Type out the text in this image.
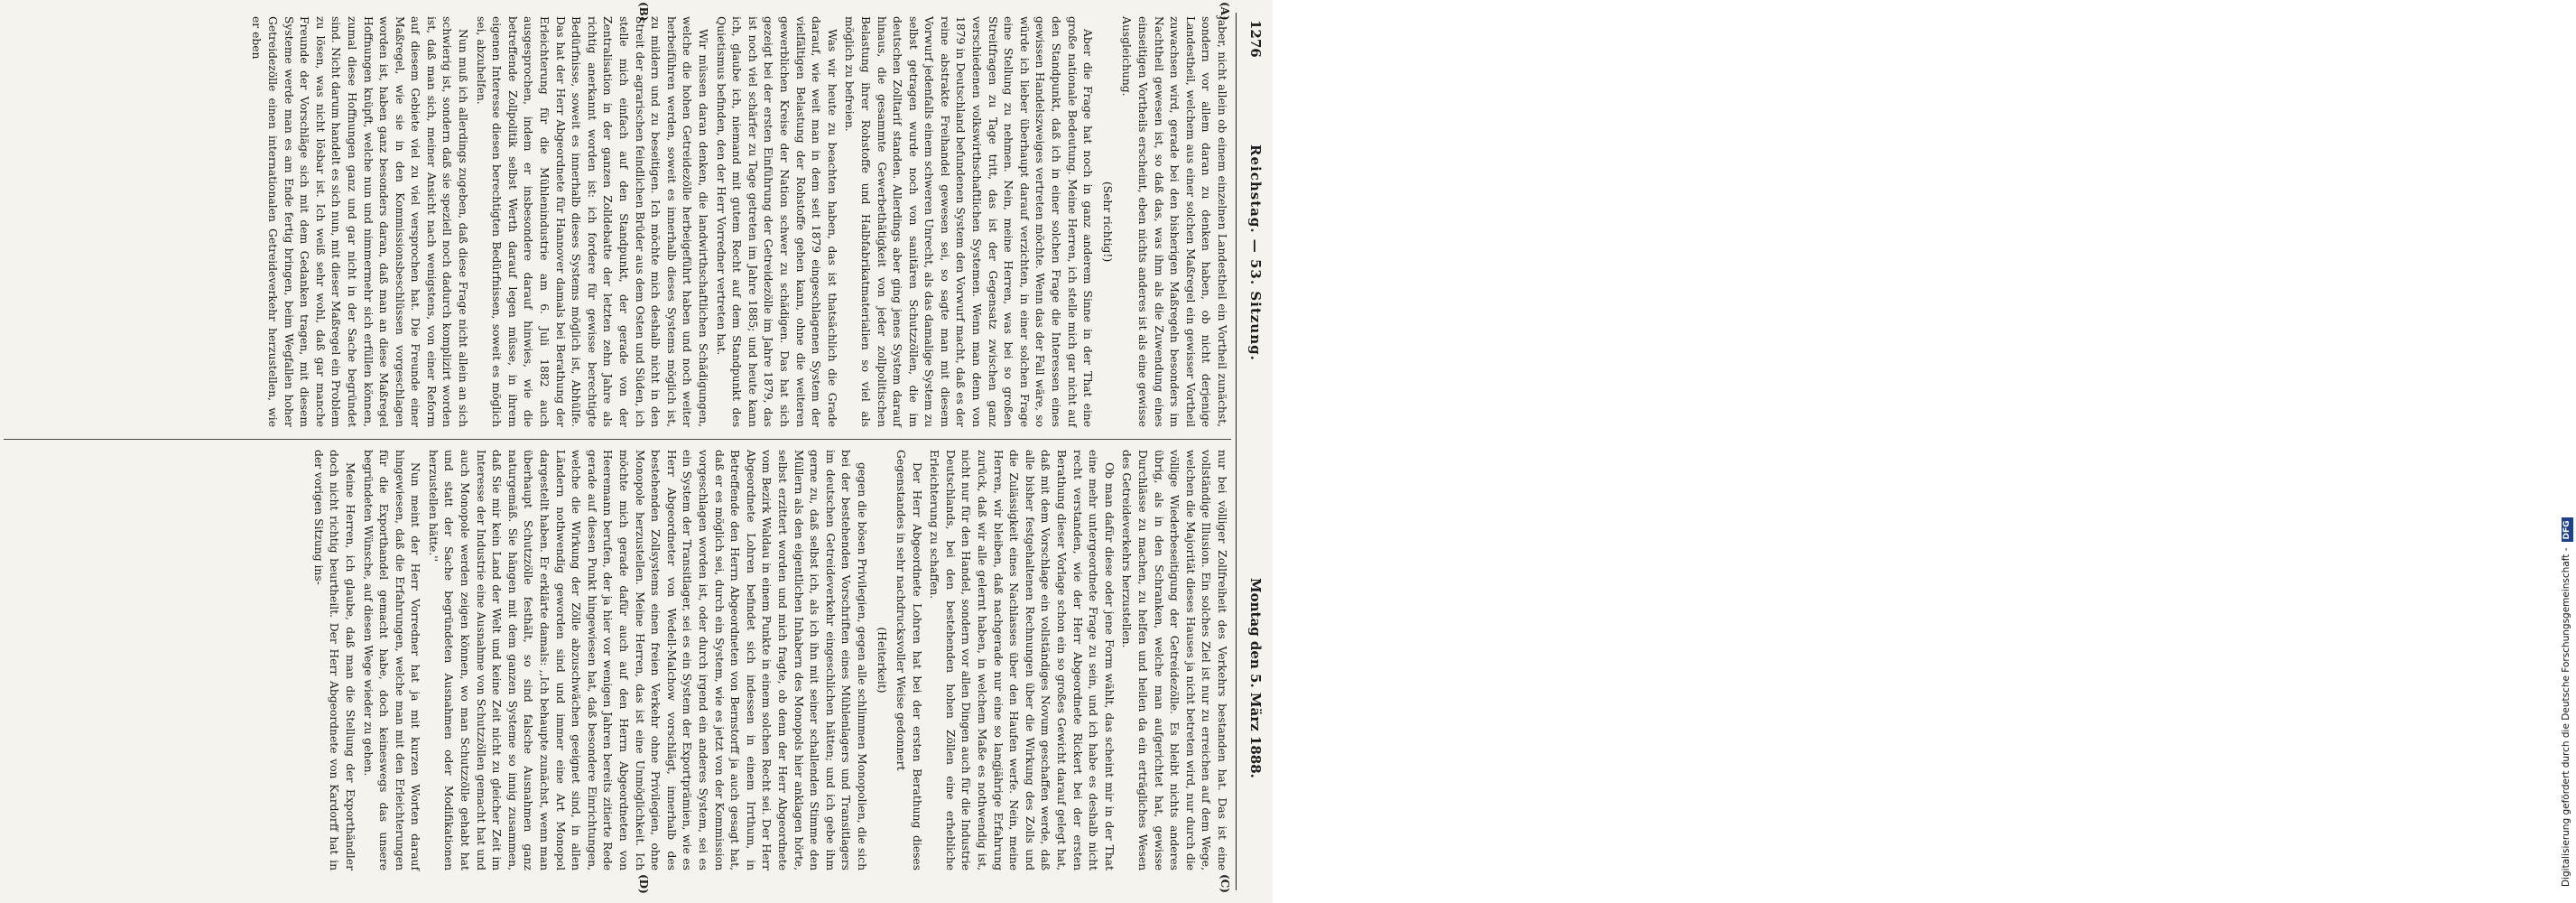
1276
Reichstag. — 53. Sitzung.
Montag den 5. März 1888.
(A)
(B)
(C)
(D)

jaber, nicht allein ob einem einzelnen Landestheil ein Vortheil zunächst, sondern vor allem daran zu denken haben, ob nicht derjenige Landestheil, welchem aus einer solchen Maßregel ein gewisser Vortheil zuwachsen wird, gerade bei den bisherigen Maßregeln besonders im Nachtheil gewesen ist, so daß das, was ihm als die Zuwendung eines einseitigen Vortheils erscheint, eben nichts anderes ist als eine gewisse Ausgleichung.

(Sehr richtig!)

Aber die Frage hat noch in ganz anderem Sinne in der That eine große nationale Bedeutung. Meine Herren, ich stelle mich gar nicht auf den Standpunkt, daß ich in einer solchen Frage die Interessen eines gewissen Handelszweiges vertreten möchte. Wenn das der Fall wäre, so würde ich lieber überhaupt darauf verzichten, in einer solchen Frage eine Stellung zu nehmen. Nein, meine Herren, was bei so großen Streitfragen zu Tage tritt, das ist der Gegensatz zwischen ganz verschiedenen volkswirthschaftlichen Systemen. Wenn man denn von 1879 in Deutschland befundenen System den Vorwurf macht, daß es der reine abstrakte Freihandel gewesen sei, so sagte man mit diesem Vorwurf jedenfalls einem schweren Unrecht, als das damalige System zu selbst getragen wurde noch von sanitären Schutzzöllen, die im deutschen Zolltarif standen. Allerdings aber ging jenes System darauf hinaus, die gesammte Gewerbethätigkeit von jeder zollpolitischen Belastung ihrer Rohstoffe und Halbfabrikatmaterialien so viel als möglich zu befreien.

Was wir heute zu beachten haben, das ist thatsächlich die Grade darauf, wie weit man in dem seit 1879 eingeschlagenen System der vielfältigen Belastung der Rohstoffe gehen kann, ohne die weiteren gewerblichen Kreise der Nation schwer zu schädigen. Das hat sich gezeigt bei der ersten Einführung der Getreidezölle im Jahre 1879, das ist noch viel schärfer zu Tage getreten im Jahre 1885; und heute kann ich, glaube ich, niemand mit gutem Recht auf dem Standpunkt des Quietismus befinden, den der Herr Vorredner vertreten hat.

Wir müssen daran denken, die landwirthschaftlichen Schädigungen, welche die hohen Getreidezölle herbeigeführt haben und noch weiter herbeiführen werden, soweit es innerhalb dieses Systems möglich ist, zu mildern und zu beseitigen. Ich möchte mich deshalb nicht in den Streit der agrarischen feindlichen Brüder aus dem Osten und Süden, ich stelle mich einfach auf den Standpunkt, der gerade von der Zentralisation in der ganzen Zolldebatte der letzten zehn Jahre als richtig anerkannt worden ist: ich fordere für gewisse berechtigte Bedürfnisse, soweit es innerhalb dieses Systems möglich ist, Abhülfe. Das hat der Herr Abgeordnete für Hannover damals bei Berathung der Erleichterung für die Mühlenindustrie am 6. Juli 1882 auch ausgesprochen, indem er insbesondere darauf hinwies, wie die betreffende Zollpolitik selbst Werth darauf legen müsse, in ihrem eigenen Interesse diesen berechtigten Bedürfnissen, soweit es möglich sei, abzuhelfen.

Nun muß ich allerdings zugeben, daß diese Frage nicht allein an sich schwierig ist, sondern daß sie speziell noch dadurch komplizirt worden ist, daß man sich, meiner Ansicht nach wenigstens, von einer Reform auf diesem Gebiete viel zu viel versprochen hat. Die Freunde einer Maßregel, wie sie in den Kommissionsbeschlüssen vorgeschlagen worden ist, haben ganz besonders daran, daß man an diese Maßregel Hoffnungen knüpft, welche nun und nimmermehr sich erfüllen können, zumal diese Hoffnungen ganz und gar nicht in der Sache begründet sind. Nicht darum handelt es sich nun, mit dieser Maßregel ein Problem zu lösen, was nicht lösbar ist. Ich weiß sehr wohl, daß gar manche Freunde der Vorschläge sich mit dem Gedanken tragen, mit diesem Systeme werde man es am Ende fertig bringen, beim Wegfallen hoher Getreidezölle einen internationalen Getreideverkehr herzustellen, wie er eben

nur bei völliger Zollfreiheit des Verkehrs bestanden hat. Das ist eine vollständige Illusion. Ein solches Ziel ist nur zu erreichen auf dem Wege, welchen die Majorität dieses Hauses ja nicht betreten wird, nur durch die völlige Wiederbeseitigung der Getreidezölle. Es bleibt nichts anderes übrig, als in den Schranken, welche man aufgerichtet hat, gewisse Durchlässe zu machen, zu helfen und heilen da ein erträgliches Wesen des Getreideverkehrs herzustellen.

Ob man dafür diese oder jene Form wählt, das scheint mir in der That eine mehr untergeordnete Frage zu sein, und ich habe es deshalb nicht recht verstanden, wie der Herr Abgeordnete Rickert bei der ersten Berathung dieser Vorlage schon ein so großes Gewicht darauf gelegt hat, daß mit dem Vorschlage ein vollständiges Novum geschaffen werde, daß alle bisher festgehaltenen Rechnungen über die Wirkung des Zolls und die Zulässigkeit eines Nachlasses über den Haufen werfe. Nein, meine Herren, wir bleiben, daß nachgerade nur eine so langjährige Erfahrung zurück, daß wir alle gelernt haben, in welchem Maße es nothwendig ist, nicht nur für den Handel, sondern vor allen Dingen auch für die Industrie Deutschlands, bei den bestehenden hohen Zöllen eine erhebliche Erleichterung zu schaffen.

Der Herr Abgeordnete Lohren hat bei der ersten Berathung dieses Gegenstandes in sehr nachdrucksvoller Weise gedonnert

(Heiterkeit)

gegen die bösen Privilegien, gegen alle schlimmen Monopolien, die sich bei der bestehenden Vorschriften eines Mühlenlagers und Transitlagers im deutschen Getreideverkehr eingeschlichen hätten; und ich gebe ihm gerne zu, daß selbst ich, als ich ihn mit seiner schallenden Stimme den Müllern als den eigentlichen Inhabern des Monopols hier anklagen hörte, selbst erzittert worden und mich fragte, ob denn der Herr Abgeordnete vom Bezirk Waldau in einem Punkte in einem solchen Recht sei. Der Herr Abgeordnete Lohren befindet sich indessen in einem Irrthum, in Betreffende den Herrn Abgeordneten von Bernstorff ja auch gesagt hat, daß er es möglich sei, durch ein System, wie es jetzt von der Kommission vorgeschlagen worden ist, oder durch irgend ein anderes System, sei es ein System der Transitlager, sei es ein System der Exportprämien, wie es Herr Abgeordneter von Wedell-Malchow vorschlägt, innerhalb des bestehenden Zollsystems einen freien Verkehr ohne Privilegien, ohne Monopole herzustellen. Meine Herren, das ist eine Unmöglichkeit. Ich möchte mich gerade dafür auch auf den Herrn Abgeordneten von Heeremann berufen, der ja hier vor wenigen Jahren bereits zitierte Rede gerade auf diesen Punkt hingewiesen hat, daß besondere Einrichtungen, welche die Wirkung der Zölle abzuschwächen geeignet sind, in allen Ländern nothwendig geworden sind und immer eine Art Monopol dargestellt haben. Er erklärte damals: ,,Ich behaupte zunächst, wenn man überhaupt Schutzzölle festhält, so sind falsche Ausnahmen ganz naturgemäß. Sie hängen mit dem ganzen Systeme so innig zusammen, daß Sie mir kein Land der Welt und keine Zeit nicht zu gleicher Zeit im Interesse der Industrie eine Ausnahme von Schutzzöllen gemacht hat und auch Monopole werden zeigen können, wo man Schutzzölle gehabt hat und statt der Sache begründeten Ausnahmen oder Modifikationen herzustellen hätte.''

Nun meint der Herr Vorredner hat ja mit kurzen Worten darauf hingewiesen, daß die Erfahrungen, welche man mit den Erleichterungen für die Exporthandel gemacht habe, doch keineswegs das unsere begründeten Wünsche, auf diesen Wege wieder zu gehen.

Meine Herren, ich glaube, daß man die Stellung der Exporthändler doch nicht richtig beurtheilt. Der Herr Abgeordnete von Kardorff hat in der vorigen Sitzung ins-

Digitalisierung gefördert durch die Deutsche Forschungsgemeinschaft -DFG
